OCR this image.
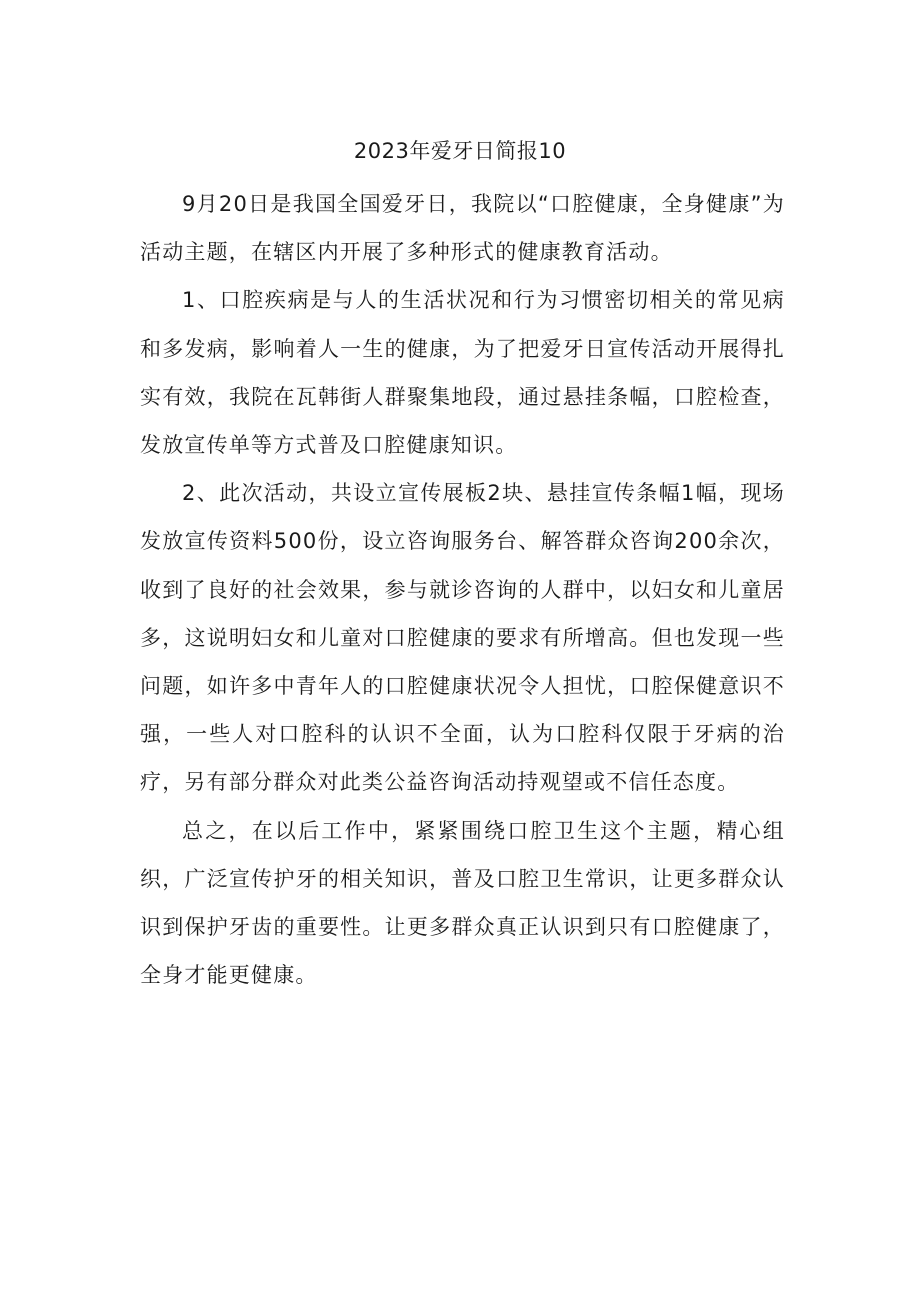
2023年爱牙日简报10

9月20日是我国全国爱牙日，我院以“口腔健康，全身健康”为活动主题，在辖区内开展了多种形式的健康教育活动。

1、口腔疾病是与人的生活状况和行为习惯密切相关的常见病和多发病，影响着人一生的健康，为了把爱牙日宣传活动开展得扎实有效，我院在瓦韩街人群聚集地段，通过悬挂条幅，口腔检查，发放宣传单等方式普及口腔健康知识。

2、此次活动，共设立宣传展板2块、悬挂宣传条幅1幅，现场发放宣传资料500份，设立咨询服务台、解答群众咨询200余次，收到了良好的社会效果，参与就诊咨询的人群中，以妇女和儿童居多，这说明妇女和儿童对口腔健康的要求有所增高。但也发现一些问题，如许多中青年人的口腔健康状况令人担忧，口腔保健意识不强，一些人对口腔科的认识不全面，认为口腔科仅限于牙病的治疗，另有部分群众对此类公益咨询活动持观望或不信任态度。

总之，在以后工作中，紧紧围绕口腔卫生这个主题，精心组织，广泛宣传护牙的相关知识，普及口腔卫生常识，让更多群众认识到保护牙齿的重要性。让更多群众真正认识到只有口腔健康了，全身才能更健康。
